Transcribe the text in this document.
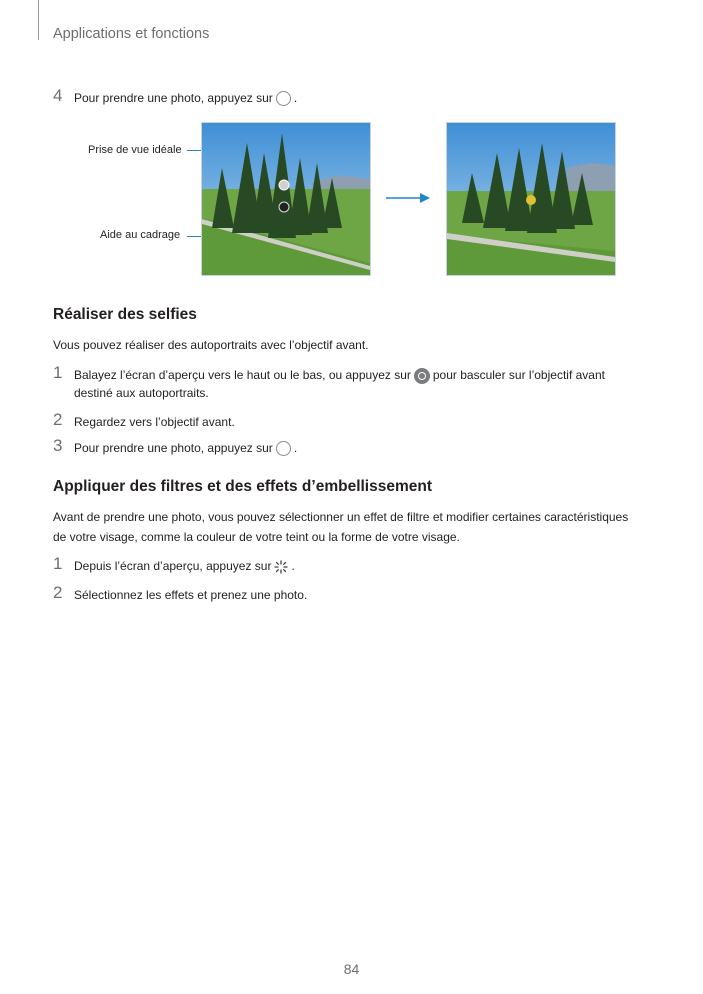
Applications et fonctions
4 Pour prendre une photo, appuyez sur .
Prise de vue idéale
Aide au cadrage
Réaliser des selfies
Vous pouvez réaliser des autoportraits avec l’objectif avant.
1 Balayez l’écran d’aperçu vers le haut ou le bas, ou appuyez sur pour basculer sur l’objectif avant
destiné aux autoportraits.
2 Regardez vers l’objectif avant.
3 Pour prendre une photo, appuyez sur .
Appliquer des filtres et des effets d’embellissement
Avant de prendre une photo, vous pouvez sélectionner un effet de filtre et modifier certaines caractéristiques
de votre visage, comme la couleur de votre teint ou la forme de votre visage.
1 Depuis l’écran d’aperçu, appuyez sur .
2 Sélectionnez les effets et prenez une photo.
84
